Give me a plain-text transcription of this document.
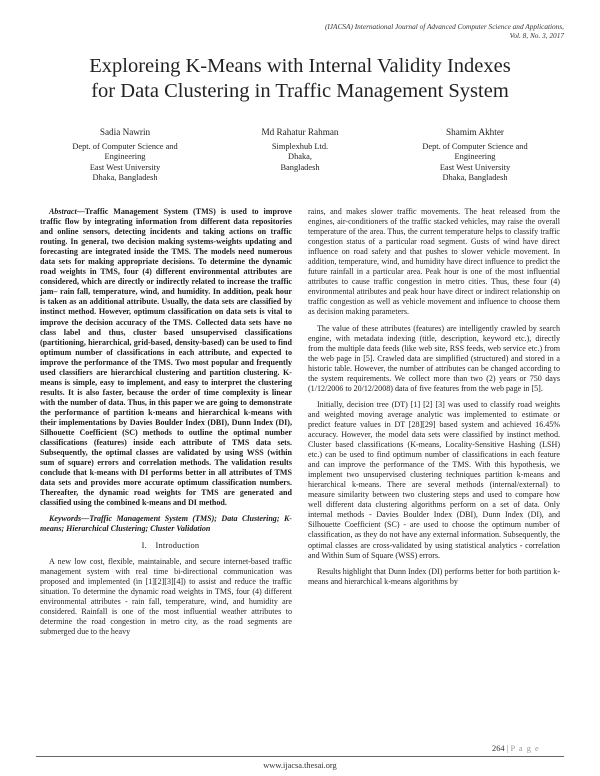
(IJACSA) International Journal of Advanced Computer Science and Applications,
Vol. 8, No. 3, 2017
Exploreing K-Means with Internal Validity Indexes
for Data Clustering in Traffic Management System
Sadia Nawrin
Dept. of Computer Science and
Engineering
East West University
Dhaka, Bangladesh
Md Rahatur Rahman
Simplexhub Ltd.
Dhaka,
Bangladesh
Shamim Akhter
Dept. of Computer Science and
Engineering
East West University
Dhaka, Bangladesh

Abstract—Traffic Management System (TMS) is used to improve traffic flow by integrating information from different data repositories and online sensors, detecting incidents and taking actions on traffic routing. In general, two decision making systems-weights updating and forecasting are integrated inside the TMS. The models need numerous data sets for making appropriate decisions. To determine the dynamic road weights in TMS, four (4) different environmental attributes are considered, which are directly or indirectly related to increase the traffic jam– rain fall, temperature, wind, and humidity. In addition, peak hour is taken as an additional attribute. Usually, the data sets are classified by instinct method. However, optimum classification on data sets is vital to improve the decision accuracy of the TMS. Collected data sets have no class label and thus, cluster based unsupervised classifications (partitioning, hierarchical, grid-based, density-based) can be used to find optimum number of classifications in each attribute, and expected to improve the performance of the TMS. Two most popular and frequently used classifiers are hierarchical clustering and partition clustering. K-means is simple, easy to implement, and easy to interpret the clustering results. It is also faster, because the order of time complexity is linear with the number of data. Thus, in this paper we are going to demonstrate the performance of partition k-means and hierarchical k-means with their implementations by Davies Boulder Index (DBI), Dunn Index (DI), Silhouette Coefficient (SC) methods to outline the optimal number classifications (features) inside each attribute of TMS data sets. Subsequently, the optimal classes are validated by using WSS (within sum of square) errors and correlation methods. The validation results conclude that k-means with DI performs better in all attributes of TMS data sets and provides more accurate optimum classification numbers. Thereafter, the dynamic road weights for TMS are generated and classified using the combined k-means and DI method.

Keywords—Traffic Management System (TMS); Data Clustering; K-means; Hierarchical Clustering; Cluster Validation

I. Introduction

A new low cost, flexible, maintainable, and secure internet-based traffic management system with real time bi-directional communication was proposed and implemented (in [1][2][3][4]) to assist and reduce the traffic situation. To determine the dynamic road weights in TMS, four (4) different environmental attributes - rain fall, temperature, wind, and humidity are considered. Rainfall is one of the most influential weather attributes to determine the road congestion in metro city, as the road segments are submerged due to the heavy

rains, and makes slower traffic movements. The heat released from the engines, air-conditioners of the traffic stacked vehicles, may raise the overall temperature of the area. Thus, the current temperature helps to classify traffic congestion status of a particular road segment. Gusts of wind have direct influence on road safety and that pushes to slower vehicle movement. In addition, temperature, wind, and humidity have direct influence to predict the future rainfall in a particular area. Peak hour is one of the most influential attributes to cause traffic congestion in metro cities. Thus, these four (4) environmental attributes and peak hour have direct or indirect relationship on traffic congestion as well as vehicle movement and influence to choose them as decision making parameters.

The value of these attributes (features) are intelligently crawled by search engine, with metadata indexing (title, description, keyword etc.), directly from the multiple data feeds (like web site, RSS feeds, web service etc.) from the web page in [5]. Crawled data are simplified (structured) and stored in a historic table. However, the number of attributes can be changed according to the system requirements. We collect more than two (2) years or 750 days (1/12/2006 to 20/12/2008) data of five features from the web page in [5].

Initially, decision tree (DT) [1] [2] [3] was used to classify road weights and weighted moving average analytic was implemented to estimate or predict feature values in DT [28][29] based system and achieved 16.45% accuracy. However, the model data sets were classified by instinct method. Cluster based classifications (K-means, Locality-Sensitive Hashing (LSH) etc.) can be used to find optimum number of classifications in each feature and can improve the performance of the TMS. With this hypothesis, we implement two unsupervised clustering techniques partition k-means and hierarchical k-means. There are several methods (internal/external) to measure similarity between two clustering steps and used to compare how well different data clustering algorithms perform on a set of data. Only internal methods - Davies Boulder Index (DBI), Dunn Index (DI), and Silhouette Coefficient (SC) - are used to choose the optimum number of classification, as they do not have any external information. Subsequently, the optimal classes are cross-validated by using statistical analytics - correlation and Within Sum of Square (WSS) errors.

Results highlight that Dunn Index (DI) performs better for both partition k-means and hierarchical k-means algorithms by

264 | P a g e
www.ijacsa.thesai.org
